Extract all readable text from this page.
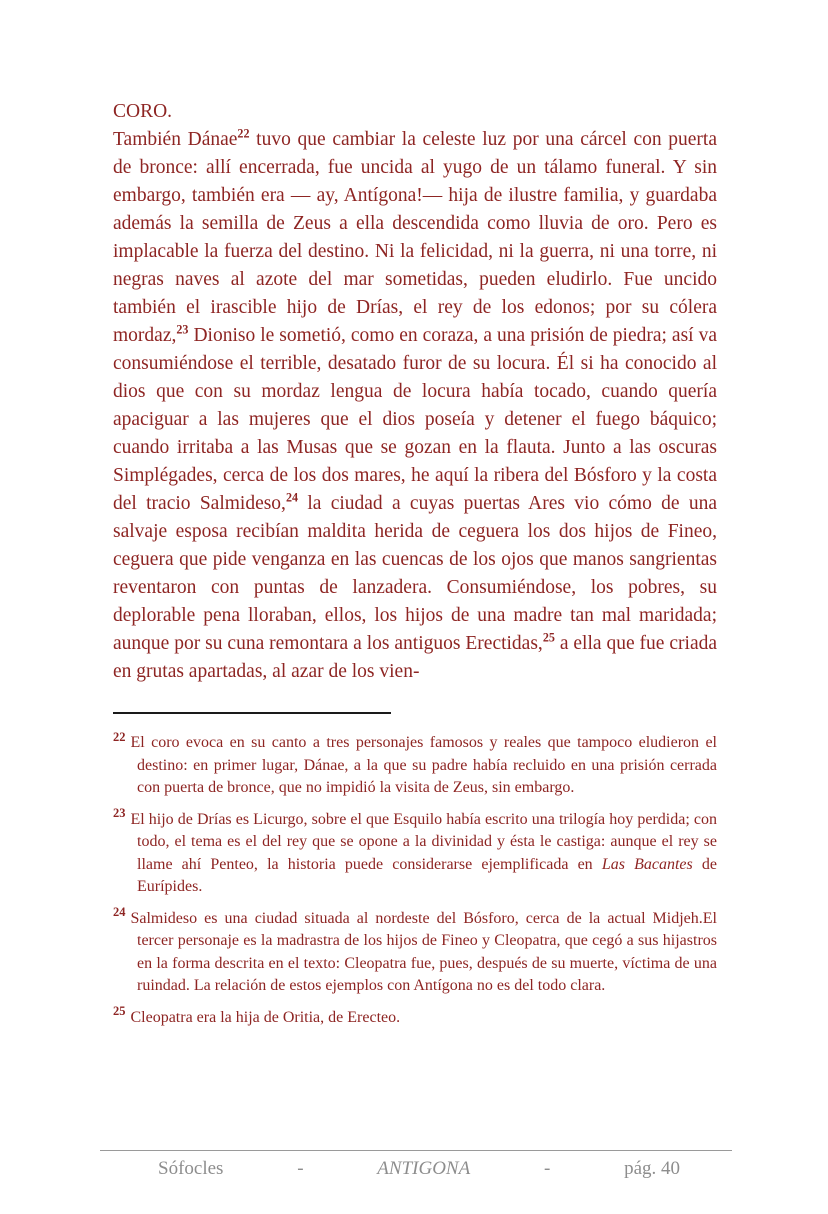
CORO.

También Dánae$^{22}$ tuvo que cambiar la celeste luz por una cárcel con puerta de bronce: allí encerrada, fue uncida al yugo de un tálamo funeral. Y sin embargo, también era — ay, Antígona!— hija de ilustre familia, y guardaba además la semilla de Zeus a ella descendida como lluvia de oro. Pero es implacable la fuerza del destino. Ni la felicidad, ni la guerra, ni una torre, ni negras naves al azote del mar sometidas, pueden eludirlo. Fue uncido también el irascible hijo de Drías, el rey de los edonos; por su cólera mordaz,$^{23}$ Dioniso le sometió, como en coraza, a una prisión de piedra; así va consumiéndose el terrible, desatado furor de su locura. Él si ha conocido al dios que con su mordaz lengua de locura había tocado, cuando quería apaciguar a las mujeres que el dios poseía y detener el fuego báquico; cuando irritaba a las Musas que se gozan en la flauta. Junto a las oscuras Simplégades, cerca de los dos mares, he aquí la ribera del Bósforo y la costa del tracio Salmideso,$^{24}$ la ciudad a cuyas puertas Ares vio cómo de una salvaje esposa recibían maldita herida de ceguera los dos hijos de Fineo, ceguera que pide venganza en las cuencas de los ojos que manos sangrientas reventaron con puntas de lanzadera. Consumiéndose, los pobres, su deplorable pena lloraban, ellos, los hijos de una madre tan mal maridada; aunque por su cuna remontara a los antiguos Erectidas,$^{25}$ a ella que fue criada en grutas apartadas, al azar de los vien-

$^{22}$ El coro evoca en su canto a tres personajes famosos y reales que tampoco eludieron el destino: en primer lugar, Dánae, a la que su padre había recluido en una prisión cerrada con puerta de bronce, que no impidió la visita de Zeus, sin embargo.
$^{23}$ El hijo de Drías es Licurgo, sobre el que Esquilo había escrito una trilogía hoy perdida; con todo, el tema es el del rey que se opone a la divinidad y ésta le castiga: aunque el rey se llame ahí Penteo, la historia puede considerarse ejemplificada en Las Bacantes de Eurípides.
$^{24}$ Salmideso es una ciudad situada al nordeste del Bósforo, cerca de la actual Midjeh.El tercer personaje es la madrastra de los hijos de Fineo y Cleopatra, que cegó a sus hijastros en la forma descrita en el texto: Cleopatra fue, pues, después de su muerte, víctima de una ruindad. La relación de estos ejemplos con Antígona no es del todo clara.
$^{25}$ Cleopatra era la hija de Oritia, de Erecteo.
Sófocles	-	ANTIGONA	-	pág. 40
